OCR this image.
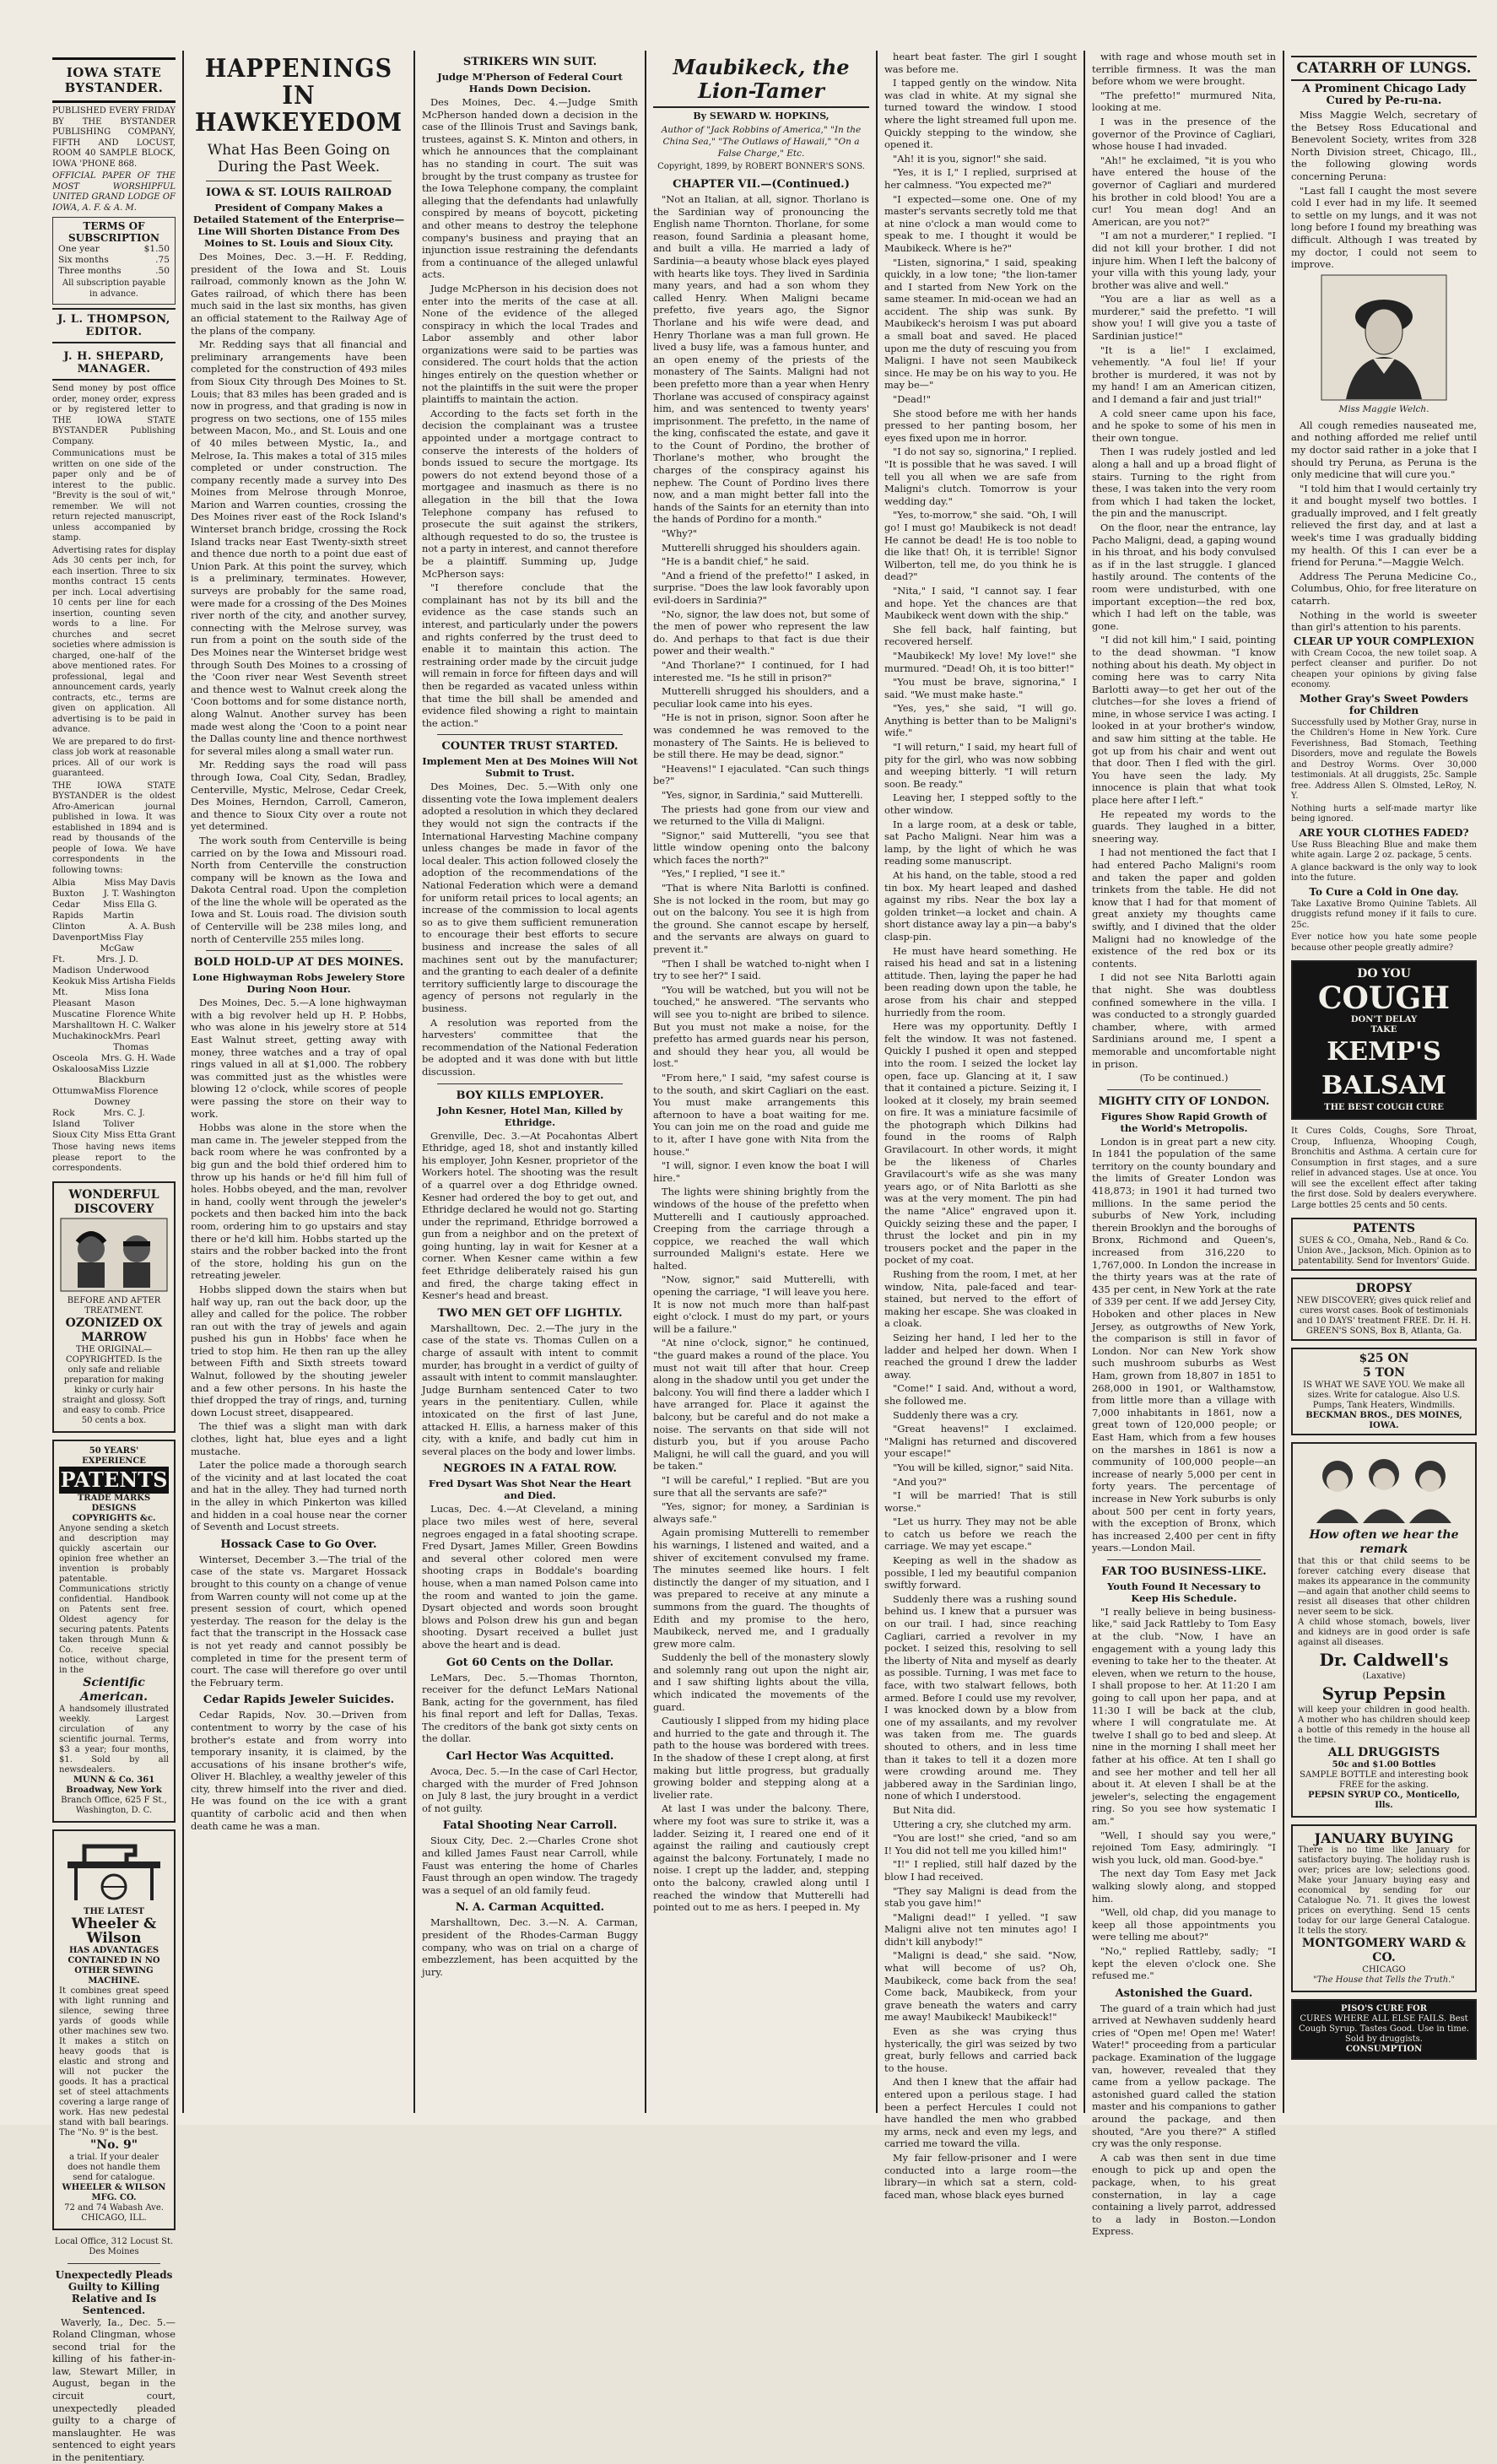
IOWA STATE BYSTANDER.

PUBLISHED EVERY FRIDAY BY THE BYSTANDER PUBLISHING COMPANY, FIFTH AND LOCUST, ROOM 40 SAMPLE BLOCK, IOWA 'PHONE 868.

OFFICIAL PAPER OF THE MOST WORSHIPFUL UNITED GRAND LODGE OF IOWA, A. F. & A. M.

TERMS OF SUBSCRIPTION
One year	$1.50
Six months	.75
Three months	.50
All subscription payable in advance.
J. L. THOMPSON, EDITOR.
J. H. SHEPARD, MANAGER.

Send money by post office order, money order, express or by registered letter to THE IOWA STATE BYSTANDER Publishing Company.

Communications must be written on one side of the paper only and be of interest to the public. "Brevity is the soul of wit," remember. We will not return rejected manuscript, unless accompanied by stamp.

Advertising rates for display Ads 30 cents per inch, for each insertion. Three to six months contract 15 cents per inch. Local advertising 10 cents per line for each insertion, counting seven words to a line. For churches and secret societies where admission is charged, one-half of the above mentioned rates. For professional, legal and announcement cards, yearly contracts, etc., terms are given on application. All advertising is to be paid in advance.

We are prepared to do first-class job work at reasonable prices. All of our work is guaranteed.

THE IOWA STATE BYSTANDER is the oldest Afro-American journal published in Iowa. It was established in 1894 and is read by thousands of the people of Iowa. We have correspondents in the following towns:

Albia	Miss May Davis
Buxton J. T. Washington
Cedar Rapids
Miss Ella G. Martin
Clinton	A. A. Bush
Davenport Miss Flay McGaw
Ft. Madison
Mrs. J. D. Underwood
Keokuk Miss Artisha Fields
Mt. Pleasant
Miss Iona Mason
Muscatine Florence White
Marshalltown H. C. Walker
Muchakinock Mrs. Pearl Thomas
Osceola Mrs. G. H. Wade
Oskaloosa Miss Lizzie Blackburn
Ottumwa Miss Florence Downey
Rock Island
Mrs. C. J. Toliver
Sioux City Miss Etta Grant

Those having news items please report to the correspondents.

WONDERFUL DISCOVERY
BEFORE AND AFTER TREATMENT.
OZONIZED OX MARROW
THE ORIGINAL—COPYRIGHTED. Is the only safe and reliable preparation for making kinky or curly hair straight and glossy. Soft and easy to comb. Price 50 cents a box.
50 YEARS' EXPERIENCE
PATENTS
TRADE MARKS DESIGNS COPYRIGHTS &c.
Anyone sending a sketch and description may quickly ascertain our opinion free whether an invention is probably patentable. Communications strictly confidential. Handbook on Patents sent free. Oldest agency for securing patents. Patents taken through Munn & Co. receive special notice, without charge, in the
Scientific American.
A handsomely illustrated weekly. Largest circulation of any scientific journal. Terms, $3 a year; four months, $1. Sold by all newsdealers.
MUNN & Co. 361 Broadway, New York
Branch Office, 625 F St., Washington, D. C.
THE LATEST
Wheeler & Wilson
HAS ADVANTAGES CONTAINED IN NO OTHER SEWING MACHINE.
It combines great speed with light running and silence, sewing three yards of goods while other machines sew two. It makes a stitch on heavy goods that is elastic and strong and will not pucker the goods. It has a practical set of steel attachments covering a large range of work. Has new pedestal stand with ball bearings. The "No. 9" is the best.
"No. 9"
a trial. If your dealer does not handle them send for catalogue.
WHEELER & WILSON MFG. CO.
72 and 74 Wabash Ave. CHICAGO, ILL.

Local Office, 312 Locust St. Des Moines

Unexpectedly Pleads Guilty to Killing Relative and Is Sentenced.

Waverly, Ia., Dec. 5.—Roland Clingman, whose second trial for the killing of his father-in-law, Stewart Miller, in August, began in the circuit court, unexpectedly pleaded guilty to a charge of manslaughter. He was sentenced to eight years in the penitentiary.

HAPPENINGS IN HAWKEYEDOM
What Has Been Going on During the Past Week.
IOWA & ST. LOUIS RAILROAD
President of Company Makes a Detailed Statement of the Enterprise—Line Will Shorten Distance From Des Moines to St. Louis and Sioux City.

Des Moines, Dec. 3.—H. F. Redding, president of the Iowa and St. Louis railroad, commonly known as the John W. Gates railroad, of which there has been much said in the last six months, has given an official statement to the Railway Age of the plans of the company.

Mr. Redding says that all financial and preliminary arrangements have been completed for the construction of 493 miles from Sioux City through Des Moines to St. Louis; that 83 miles has been graded and is now in progress, and that grading is now in progress on two sections, one of 155 miles between Macon, Mo., and St. Louis and one of 40 miles between Mystic, Ia., and Melrose, Ia. This makes a total of 315 miles completed or under construction. The company recently made a survey into Des Moines from Melrose through Monroe, Marion and Warren counties, crossing the Des Moines river east of the Rock Island's Winterset branch bridge, crossing the Rock Island tracks near East Twenty-sixth street and thence due north to a point due east of Union Park. At this point the survey, which is a preliminary, terminates. However, surveys are probably for the same road, were made for a crossing of the Des Moines river north of the city, and another survey, connecting with the Melrose survey, was run from a point on the south side of the Des Moines near the Winterset bridge west through South Des Moines to a crossing of the 'Coon river near West Seventh street and thence west to Walnut creek along the 'Coon bottoms and for some distance north, along Walnut. Another survey has been made west along the 'Coon to a point near the Dallas county line and thence northwest for several miles along a small water run.

Mr. Redding says the road will pass through Iowa, Coal City, Sedan, Bradley, Centerville, Mystic, Melrose, Cedar Creek, Des Moines, Herndon, Carroll, Cameron, and thence to Sioux City over a route not yet determined.

The work south from Centerville is being carried on by the Iowa and Missouri road. North from Centerville the construction company will be known as the Iowa and Dakota Central road. Upon the completion of the line the whole will be operated as the Iowa and St. Louis road. The division south of Centerville will be 238 miles long, and north of Centerville 255 miles long.

BOLD HOLD-UP AT DES MOINES.
Lone Highwayman Robs Jewelery Store During Noon Hour.

Des Moines, Dec. 5.—A lone highwayman with a big revolver held up H. P. Hobbs, who was alone in his jewelry store at 514 East Walnut street, getting away with money, three watches and a tray of opal rings valued in all at $1,000. The robbery was committed just as the whistles were blowing 12 o'clock, while scores of people were passing the store on their way to work.

Hobbs was alone in the store when the man came in. The jeweler stepped from the back room where he was confronted by a big gun and the bold thief ordered him to throw up his hands or he'd fill him full of holes. Hobbs obeyed, and the man, revolver in hand, coolly went through the jeweler's pockets and then backed him into the back room, ordering him to go upstairs and stay there or he'd kill him. Hobbs started up the stairs and the robber backed into the front of the store, holding his gun on the retreating jeweler.

Hobbs slipped down the stairs when but half way up, ran out the back door, up the alley and called for the police. The robber ran out with the tray of jewels and again pushed his gun in Hobbs' face when he tried to stop him. He then ran up the alley between Fifth and Sixth streets toward Walnut, followed by the shouting jeweler and a few other persons. In his haste the thief dropped the tray of rings, and, turning down Locust street, disappeared.

The thief was a slight man with dark clothes, light hat, blue eyes and a light mustache.

Later the police made a thorough search of the vicinity and at last located the coat and hat in the alley. They had turned north in the alley in which Pinkerton was killed and hidden in a coal house near the corner of Seventh and Locust streets.

Hossack Case to Go Over.

Winterset, December 3.—The trial of the case of the state vs. Margaret Hossack brought to this county on a change of venue from Warren county will not come up at the present session of court, which opened yesterday. The reason for the delay is the fact that the transcript in the Hossack case is not yet ready and cannot possibly be completed in time for the present term of court. The case will therefore go over until the February term.

Cedar Rapids Jeweler Suicides.

Cedar Rapids, Nov. 30.—Driven from contentment to worry by the case of his brother's estate and from worry into temporary insanity, it is claimed, by the accusations of his insane brother's wife, Oliver H. Blachley, a wealthy jeweler of this city, threw himself into the river and died. He was found on the ice with a grant quantity of carbolic acid and then when death came he was a man.

STRIKERS WIN SUIT.
Judge M'Pherson of Federal Court Hands Down Decision.

Des Moines, Dec. 4.—Judge Smith McPherson handed down a decision in the case of the Illinois Trust and Savings bank, trustees, against S. K. Minton and others, in which he announces that the complainant has no standing in court. The suit was brought by the trust company as trustee for the Iowa Telephone company, the complaint alleging that the defendants had unlawfully conspired by means of boycott, picketing and other means to destroy the telephone company's business and praying that an injunction issue restraining the defendants from a continuance of the alleged unlawful acts.

Judge McPherson in his decision does not enter into the merits of the case at all. None of the evidence of the alleged conspiracy in which the local Trades and Labor assembly and other labor organizations were said to be parties was considered. The court holds that the action hinges entirely on the question whether or not the plaintiffs in the suit were the proper plaintiffs to maintain the action.

According to the facts set forth in the decision the complainant was a trustee appointed under a mortgage contract to conserve the interests of the holders of bonds issued to secure the mortgage. Its powers do not extend beyond those of a mortgagee and inasmuch as there is no allegation in the bill that the Iowa Telephone company has refused to prosecute the suit against the strikers, although requested to do so, the trustee is not a party in interest, and cannot therefore be a plaintiff. Summing up, Judge McPherson says:

"I therefore conclude that the complainant has not by its bill and the evidence as the case stands such an interest, and particularly under the powers and rights conferred by the trust deed to enable it to maintain this action. The restraining order made by the circuit judge will remain in force for fifteen days and will then be regarded as vacated unless within that time the bill shall be amended and evidence filed showing a right to maintain the action."

COUNTER TRUST STARTED.
Implement Men at Des Moines Will Not Submit to Trust.

Des Moines, Dec. 5.—With only one dissenting vote the Iowa implement dealers adopted a resolution in which they declared they would not sign the contracts if the International Harvesting Machine company unless changes be made in favor of the local dealer. This action followed closely the adoption of the recommendations of the National Federation which were a demand for uniform retail prices to local agents; an increase of the commission to local agents so as to give them sufficient remuneration to encourage their best efforts to secure business and increase the sales of all machines sent out by the manufacturer; and the granting to each dealer of a definite territory sufficiently large to discourage the agency of persons not regularly in the business.

A resolution was reported from the harvesters' committee that the recommendation of the National Federation be adopted and it was done with but little discussion.

BOY KILLS EMPLOYER.
John Kesner, Hotel Man, Killed by Ethridge.

Grenville, Dec. 3.—At Pocahontas Albert Ethridge, aged 18, shot and instantly killed his employer, John Kesner, proprietor of the Workers hotel. The shooting was the result of a quarrel over a dog Ethridge owned. Kesner had ordered the boy to get out, and Ethridge declared he would not go. Starting under the reprimand, Ethridge borrowed a gun from a neighbor and on the pretext of going hunting, lay in wait for Kesner at a corner. When Kesner came within a few feet Ethridge deliberately raised his gun and fired, the charge taking effect in Kesner's head and breast.

TWO MEN GET OFF LIGHTLY.

Marshalltown, Dec. 2.—The jury in the case of the state vs. Thomas Cullen on a charge of assault with intent to commit murder, has brought in a verdict of guilty of assault with intent to commit manslaughter. Judge Burnham sentenced Cater to two years in the penitentiary. Cullen, while intoxicated on the first of last June, attacked H. Ellis, a harness maker of this city, with a knife, and badly cut him in several places on the body and lower limbs.

NEGROES IN A FATAL ROW.
Fred Dysart Was Shot Near the Heart and Died.

Lucas, Dec. 4.—At Cleveland, a mining place two miles west of here, several negroes engaged in a fatal shooting scrape. Fred Dysart, James Miller, Green Bowdins and several other colored men were shooting craps in Boddale's boarding house, when a man named Polson came into the room and wanted to join the game. Dysart objected and words soon brought blows and Polson drew his gun and began shooting. Dysart received a bullet just above the heart and is dead.

Got 60 Cents on the Dollar.

LeMars, Dec. 5.—Thomas Thornton, receiver for the defunct LeMars National Bank, acting for the government, has filed his final report and left for Dallas, Texas. The creditors of the bank got sixty cents on the dollar.

Carl Hector Was Acquitted.

Avoca, Dec. 5.—In the case of Carl Hector, charged with the murder of Fred Johnson on July 8 last, the jury brought in a verdict of not guilty.

Fatal Shooting Near Carroll.

Sioux City, Dec. 2.—Charles Crone shot and killed James Faust near Carroll, while Faust was entering the home of Charles Faust through an open window. The tragedy was a sequel of an old family feud.

N. A. Carman Acquitted.

Marshalltown, Dec. 3.—N. A. Carman, president of the Rhodes-Carman Buggy company, who was on trial on a charge of embezzlement, has been acquitted by the jury.

Maubikeck, the Lion-Tamer
By SEWARD W. HOPKINS,
Author of "Jack Robbins of America," "In the China Sea," "The Outlaws of Hawaii," "On a False Charge," Etc.
Copyright, 1899, by ROBERT BONNER'S SONS.
CHAPTER VII.—(Continued.)

"Not an Italian, at all, signor. Thorlano is the Sardinian way of pronouncing the English name Thornton. Thorlane, for some reason, found Sardinia a pleasant home, and built a villa. He married a lady of Sardinia—a beauty whose black eyes played with hearts like toys. They lived in Sardinia many years, and had a son whom they called Henry. When Maligni became prefetto, five years ago, the Signor Thorlane and his wife were dead, and Henry Thorlane was a man full grown. He lived a busy life, was a famous hunter, and an open enemy of the priests of the monastery of The Saints. Maligni had not been prefetto more than a year when Henry Thorlane was accused of conspiracy against him, and was sentenced to twenty years' imprisonment. The prefetto, in the name of the king, confiscated the estate, and gave it to the Count of Pordino, the brother of Thorlane's mother, who brought the charges of the conspiracy against his nephew. The Count of Pordino lives there now, and a man might better fall into the hands of the Saints for an eternity than into the hands of Pordino for a month."

"Why?"

Mutterelli shrugged his shoulders again.

"He is a bandit chief," he said.

"And a friend of the prefetto!" I asked, in surprise. "Does the law look favorably upon evil-doers in Sardinia?"

"No, signor, the law does not, but some of the men of power who represent the law do. And perhaps to that fact is due their power and their wealth."

"And Thorlane?" I continued, for I had interested me. "Is he still in prison?"

Mutterelli shrugged his shoulders, and a peculiar look came into his eyes.

"He is not in prison, signor. Soon after he was condemned he was removed to the monastery of The Saints. He is believed to be still there. He may be dead, signor."

"Heavens!" I ejaculated. "Can such things be?"

"Yes, signor, in Sardinia," said Mutterelli.

The priests had gone from our view and we returned to the Villa di Maligni.

"Signor," said Mutterelli, "you see that little window opening onto the balcony which faces the north?"

"Yes," I replied, "I see it."

"That is where Nita Barlotti is confined. She is not locked in the room, but may go out on the balcony. You see it is high from the ground. She cannot escape by herself, and the servants are always on guard to prevent it."

"Then I shall be watched to-night when I try to see her?" I said.

"You will be watched, but you will not be touched," he answered. "The servants who will see you to-night are bribed to silence. But you must not make a noise, for the prefetto has armed guards near his person, and should they hear you, all would be lost."

"From here," I said, "my safest course is to the south, and skirt Cagliari on the east. You must make arrangements this afternoon to have a boat waiting for me. You can join me on the road and guide me to it, after I have gone with Nita from the house."

"I will, signor. I even know the boat I will hire."

The lights were shining brightly from the windows of the house of the prefetto when Mutterelli and I cautiously approached. Creeping from the carriage through a coppice, we reached the wall which surrounded Maligni's estate. Here we halted.

"Now, signor," said Mutterelli, with opening the carriage, "I will leave you here. It is now not much more than half-past eight o'clock. I must do my part, or yours will be a failure."

"At nine o'clock, signor," he continued, "the guard makes a round of the place. You must not wait till after that hour. Creep along in the shadow until you get under the balcony. You will find there a ladder which I have arranged for. Place it against the balcony, but be careful and do not make a noise. The servants on that side will not disturb you, but if you arouse Pacho Maligni, he will call the guard, and you will be taken."

"I will be careful," I replied. "But are you sure that all the servants are safe?"

"Yes, signor; for money, a Sardinian is always safe."

Again promising Mutterelli to remember his warnings, I listened and waited, and a shiver of excitement convulsed my frame. The minutes seemed like hours. I felt distinctly the danger of my situation, and I was prepared to receive at any minute a summons from the guard. The thoughts of Edith and my promise to the hero, Maubikeck, nerved me, and I gradually grew more calm.

Suddenly the bell of the monastery slowly and solemnly rang out upon the night air, and I saw shifting lights about the villa, which indicated the movements of the guard.

Cautiously I slipped from my hiding place and hurried to the gate and through it. The path to the house was bordered with trees. In the shadow of these I crept along, at first making but little progress, but gradually growing bolder and stepping along at a livelier rate.

At last I was under the balcony. There, where my foot was sure to strike it, was a ladder. Seizing it, I reared one end of it against the railing and cautiously crept against the balcony. Fortunately, I made no noise. I crept up the ladder, and, stepping onto the balcony, crawled along until I reached the window that Mutterelli had pointed out to me as hers. I peeped in. My

heart beat faster. The girl I sought was before me.

I tapped gently on the window. Nita was clad in white. At my signal she turned toward the window. I stood where the light streamed full upon me. Quickly stepping to the window, she opened it.

"Ah! it is you, signor!" she said.

"Yes, it is I," I replied, surprised at her calmness. "You expected me?"

"I expected—some one. One of my master's servants secretly told me that at nine o'clock a man would come to speak to me. I thought it would be Maubikeck. Where is he?"

"Listen, signorina," I said, speaking quickly, in a low tone; "the lion-tamer and I started from New York on the same steamer. In mid-ocean we had an accident. The ship was sunk. By Maubikeck's heroism I was put aboard a small boat and saved. He placed upon me the duty of rescuing you from Maligni. I have not seen Maubikeck since. He may be on his way to you. He may be—"

"Dead!"

She stood before me with her hands pressed to her panting bosom, her eyes fixed upon me in horror.

"I do not say so, signorina," I replied. "It is possible that he was saved. I will tell you all when we are safe from Maligni's clutch. Tomorrow is your wedding day."

"Yes, to-morrow," she said. "Oh, I will go! I must go! Maubikeck is not dead! He cannot be dead! He is too noble to die like that! Oh, it is terrible! Signor Wilberton, tell me, do you think he is dead?"

"Nita," I said, "I cannot say. I fear and hope. Yet the chances are that Maubikeck went down with the ship."

She fell back, half fainting, but recovered herself.

"Maubikeck! My love! My love!" she murmured. "Dead! Oh, it is too bitter!"

"You must be brave, signorina," I said. "We must make haste."

"Yes, yes," she said, "I will go. Anything is better than to be Maligni's wife."

"I will return," I said, my heart full of pity for the girl, who was now sobbing and weeping bitterly. "I will return soon. Be ready."

Leaving her, I stepped softly to the other window.

In a large room, at a desk or table, sat Pacho Maligni. Near him was a lamp, by the light of which he was reading some manuscript.

At his hand, on the table, stood a red tin box. My heart leaped and dashed against my ribs. Near the box lay a golden trinket—a locket and chain. A short distance away lay a pin—a baby's clasp-pin.

He must have heard something. He raised his head and sat in a listening attitude. Then, laying the paper he had been reading down upon the table, he arose from his chair and stepped hurriedly from the room.

Here was my opportunity. Deftly I felt the window. It was not fastened. Quickly I pushed it open and stepped into the room. I seized the locket lay open, face up. Glancing at it, I saw that it contained a picture. Seizing it, I looked at it closely, my brain seemed on fire. It was a miniature facsimile of the photograph which Dilkins had found in the rooms of Ralph Gravilacourt. In other words, it might be the likeness of Charles Gravilacourt's wife as she was many years ago, or of Nita Barlotti as she was at the very moment. The pin had the name "Alice" engraved upon it. Quickly seizing these and the paper, I thrust the locket and pin in my trousers pocket and the paper in the pocket of my coat.

Rushing from the room, I met, at her window, Nita, pale-faced and tear-stained, but nerved to the effort of making her escape. She was cloaked in a cloak.

Seizing her hand, I led her to the ladder and helped her down. When I reached the ground I drew the ladder away.

"Come!" I said. And, without a word, she followed me.

Suddenly there was a cry.

"Great heavens!" I exclaimed. "Maligni has returned and discovered your escape!"

"You will be killed, signor," said Nita.

"And you?"

"I will be married! That is still worse."

"Let us hurry. They may not be able to catch us before we reach the carriage. We may yet escape."

Keeping as well in the shadow as possible, I led my beautiful companion swiftly forward.

Suddenly there was a rushing sound behind us. I knew that a pursuer was on our trail. I had, since reaching Cagliari, carried a revolver in my pocket. I seized this, resolving to sell the liberty of Nita and myself as dearly as possible. Turning, I was met face to face, with two stalwart fellows, both armed. Before I could use my revolver, I was knocked down by a blow from one of my assailants, and my revolver was taken from me. The guards shouted to others, and in less time than it takes to tell it a dozen more were crowding around me. They jabbered away in the Sardinian lingo, none of which I understood.

But Nita did.

Uttering a cry, she clutched my arm.

"You are lost!" she cried, "and so am I! You did not tell me you killed him!"

"I!" I replied, still half dazed by the blow I had received.

"They say Maligni is dead from the stab you gave him!"

"Maligni dead!" I yelled. "I saw Maligni alive not ten minutes ago! I didn't kill anybody!"

"Maligni is dead," she said. "Now, what will become of us? Oh, Maubikeck, come back from the sea! Come back, Maubikeck, from your grave beneath the waters and carry me away! Maubikeck! Maubikeck!"

Even as she was crying thus hysterically, the girl was seized by two great, burly fellows and carried back to the house.

And then I knew that the affair had entered upon a perilous stage. I had been a perfect Hercules I could not have handled the men who grabbed my arms, neck and even my legs, and carried me toward the villa.

My fair fellow-prisoner and I were conducted into a large room—the library—in which sat a stern, cold-faced man, whose black eyes burned

with rage and whose mouth set in terrible firmness. It was the man before whom we were brought.

"The prefetto!" murmured Nita, looking at me.

I was in the presence of the governor of the Province of Cagliari, whose house I had invaded.

"Ah!" he exclaimed, "it is you who have entered the house of the governor of Cagliari and murdered his brother in cold blood! You are a cur! You mean dog! And an American, are you not?"

"I am not a murderer," I replied. "I did not kill your brother. I did not injure him. When I left the balcony of your villa with this young lady, your brother was alive and well."

"You are a liar as well as a murderer," said the prefetto. "I will show you! I will give you a taste of Sardinian justice!"

"It is a lie!" I exclaimed, vehemently. "A foul lie! If your brother is murdered, it was not by my hand! I am an American citizen, and I demand a fair and just trial!"

A cold sneer came upon his face, and he spoke to some of his men in their own tongue.

Then I was rudely jostled and led along a hall and up a broad flight of stairs. Turning to the right from these, I was taken into the very room from which I had taken the locket, the pin and the manuscript.

On the floor, near the entrance, lay Pacho Maligni, dead, a gaping wound in his throat, and his body convulsed as if in the last struggle. I glanced hastily around. The contents of the room were undisturbed, with one important exception—the red box, which I had left on the table, was gone.

"I did not kill him," I said, pointing to the dead showman. "I know nothing about his death. My object in coming here was to carry Nita Barlotti away—to get her out of the clutches—for she loves a friend of mine, in whose service I was acting. I looked in at your brother's window, and saw him sitting at the table. He got up from his chair and went out that door. Then I fled with the girl. You have seen the lady. My innocence is plain that what took place here after I left."

He repeated my words to the guards. They laughed in a bitter, sneering way.

I had not mentioned the fact that I had entered Pacho Maligni's room and taken the paper and golden trinkets from the table. He did not know that I had for that moment of great anxiety my thoughts came swiftly, and I divined that the older Maligni had no knowledge of the existence of the red box or its contents.

I did not see Nita Barlotti again that night. She was doubtless confined somewhere in the villa. I was conducted to a strongly guarded chamber, where, with armed Sardinians around me, I spent a memorable and uncomfortable night in prison.

(To be continued.)

MIGHTY CITY OF LONDON.
Figures Show Rapid Growth of the World's Metropolis.

London is in great part a new city. In 1841 the population of the same territory on the county boundary and the limits of Greater London was 418,873; in 1901 it had turned two millions. In the same period the suburbs of New York, including therein Brooklyn and the boroughs of Bronx, Richmond and Queen's, increased from 316,220 to 1,767,000. In London the increase in the thirty years was at the rate of 435 per cent, in New York at the rate of 339 per cent. If we add Jersey City, Hoboken and other places in New Jersey, as outgrowths of New York, the comparison is still in favor of London. Nor can New York show such mushroom suburbs as West Ham, grown from 18,807 in 1851 to 268,000 in 1901, or Walthamstow, from little more than a village with 7,000 inhabitants in 1861, now a great town of 120,000 people; or East Ham, which from a few houses on the marshes in 1861 is now a community of 100,000 people—an increase of nearly 5,000 per cent in forty years. The percentage of increase in New York suburbs is only about 500 per cent in forty years, with the exception of Bronx, which has increased 2,400 per cent in fifty years.—London Mail.

FAR TOO BUSINESS-LIKE.
Youth Found It Necessary to Keep His Schedule.

"I really believe in being business-like," said Jack Rattleby to Tom Easy at the club. "Now, I have an engagement with a young lady this evening to take her to the theater. At eleven, when we return to the house, I shall propose to her. At 11:20 I am going to call upon her papa, and at 11:30 I will be back at the club, where I will congratulate me. At twelve I shall go to bed and sleep. At nine in the morning I shall meet her father at his office. At ten I shall go and see her mother and tell her all about it. At eleven I shall be at the jeweler's, selecting the engagement ring. So you see how systematic I am."

"Well, I should say you were," rejoined Tom Easy, admiringly. "I wish you luck, old man. Good-bye."

The next day Tom Easy met Jack walking slowly along, and stopped him.

"Well, old chap, did you manage to keep all those appointments you were telling me about?"

"No," replied Rattleby, sadly; "I kept the eleven o'clock one. She refused me."

Astonished the Guard.

The guard of a train which had just arrived at Newhaven suddenly heard cries of "Open me! Open me! Water! Water!" proceeding from a particular package. Examination of the luggage van, however, revealed that they came from a yellow package. The astonished guard called the station master and his companions to gather around the package, and then shouted, "Are you there?" A stifled cry was the only response.

A cab was then sent in due time enough to pick up and open the package, when, to his great consternation, in lay a cage containing a lively parrot, addressed to a lady in Boston.—London Express.

CATARRH OF LUNGS.
A Prominent Chicago Lady Cured by Pe-ru-na.

Miss Maggie Welch, secretary of the Betsey Ross Educational and Benevolent Society, writes from 328 North Division street, Chicago, Ill., the following glowing words concerning Peruna:

"Last fall I caught the most severe cold I ever had in my life. It seemed to settle on my lungs, and it was not long before I found my breathing was difficult. Although I was treated by my doctor, I could not seem to improve.

Miss Maggie Welch.

All cough remedies nauseated me, and nothing afforded me relief until my doctor said rather in a joke that I should try Peruna, as Peruna is the only medicine that will cure you."

"I told him that I would certainly try it and bought myself two bottles. I gradually improved, and I felt greatly relieved the first day, and at last a week's time I was gradually bidding my health. Of this I can ever be a friend for Peruna."—Maggie Welch.

Address The Peruna Medicine Co., Columbus, Ohio, for free literature on catarrh.

Nothing in the world is sweeter than girl's attention to his parents.

CLEAR UP YOUR COMPLEXION

with Cream Cocoa, the new toilet soap. A perfect cleanser and purifier. Do not cheapen your opinions by giving false economy.

Mother Gray's Sweet Powders for Children

Successfully used by Mother Gray, nurse in the Children's Home in New York. Cure Feverishness, Bad Stomach, Teething Disorders, move and regulate the Bowels and Destroy Worms. Over 30,000 testimonials. At all druggists, 25c. Sample free. Address Allen S. Olmsted, LeRoy, N. Y.

Nothing hurts a self-made martyr like being ignored.

ARE YOUR CLOTHES FADED?

Use Russ Bleaching Blue and make them white again. Large 2 oz. package, 5 cents.

A glance backward is the only way to look into the future.

To Cure a Cold in One day.

Take Laxative Bromo Quinine Tablets. All druggists refund money if it fails to cure. 25c.

Ever notice how you hate some people because other people greatly admire?

DO YOU
COUGH
DON'T DELAY
TAKE
KEMP'S
BALSAM
THE BEST COUGH CURE

It Cures Colds, Coughs, Sore Throat, Croup, Influenza, Whooping Cough, Bronchitis and Asthma. A certain cure for Consumption in first stages, and a sure relief in advanced stages. Use at once. You will see the excellent effect after taking the first dose. Sold by dealers everywhere. Large bottles 25 cents and 50 cents.

PATENTS
SUES & CO., Omaha, Neb., Rand & Co. Union Ave., Jackson, Mich. Opinion as to patentability. Send for Inventors' Guide.
DROPSY
NEW DISCOVERY; gives quick relief and cures worst cases. Book of testimonials and 10 DAYS' treatment FREE. Dr. H. H. GREEN'S SONS, Box B, Atlanta, Ga.
$25 ON
5 TON
IS WHAT WE SAVE YOU. We make all sizes. Write for catalogue. Also U.S. Pumps, Tank Heaters, Windmills.
BECKMAN BROS., DES MOINES, IOWA.
How often we hear the remark
that this or that child seems to be forever catching every disease that makes its appearance in the community—and again that another child seems to resist all diseases that other children never seem to be sick.
A child whose stomach, bowels, liver and kidneys are in good order is safe against all diseases.
Dr. Caldwell's
(Laxative)
Syrup Pepsin
will keep your children in good health. A mother who has children should keep a bottle of this remedy in the house all the time.
ALL DRUGGISTS
50c and $1.00 Bottles
SAMPLE BOTTLE and interesting book FREE for the asking.
PEPSIN SYRUP CO., Monticello, Ills.
JANUARY BUYING
There is no time like January for satisfactory buying. The holiday rush is over; prices are low; selections good. Make your January buying easy and economical by sending for our Catalogue No. 71. It gives the lowest prices on everything. Send 15 cents today for our large General Catalogue. It tells the story.
MONTGOMERY WARD & CO.
CHICAGO
"The House that Tells the Truth."
PISO'S CURE FOR
CURES WHERE ALL ELSE FAILS. Best Cough Syrup. Tastes Good. Use in time. Sold by druggists.
CONSUMPTION
